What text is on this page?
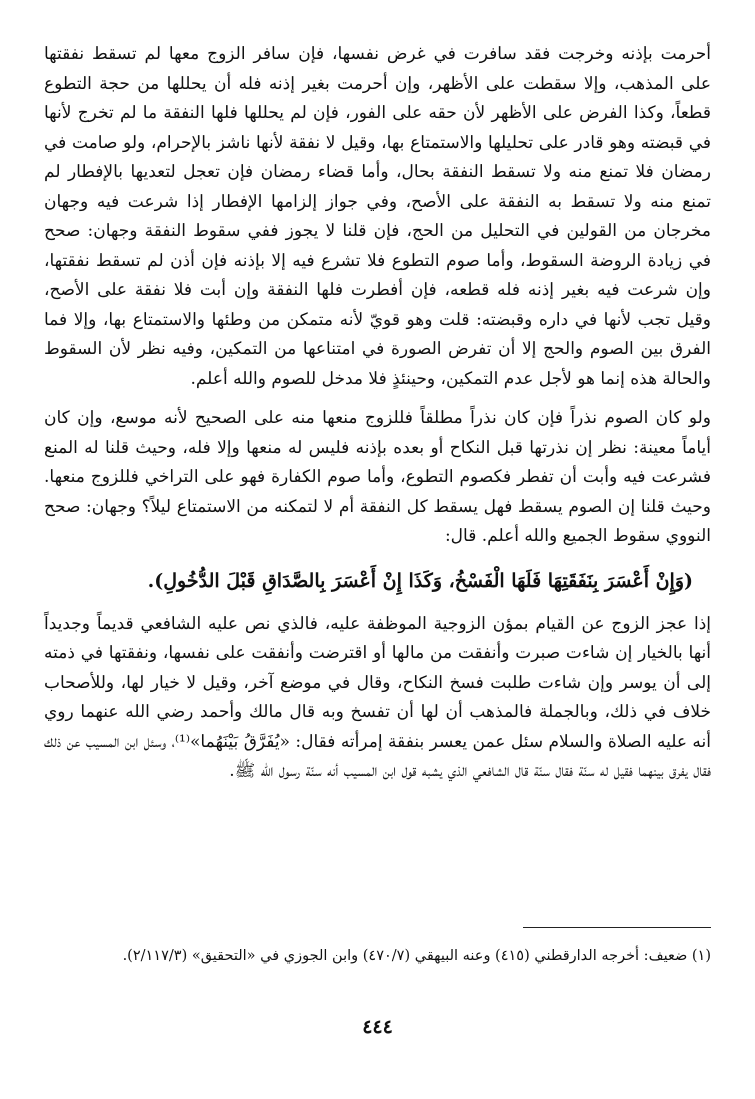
أحرمت بإذنه وخرجت فقد سافرت في غرض نفسها، فإن سافر الزوج معها لم تسقط نفقتها على المذهب، وإلا سقطت على الأظهر، وإن أحرمت بغير إذنه فله أن يحللها من حجة التطوع قطعاً، وكذا الفرض على الأظهر لأن حقه على الفور، فإن لم يحللها فلها النفقة ما لم تخرج لأنها في قبضته وهو قادر على تحليلها والاستمتاع بها، وقيل لا نفقة لأنها ناشز بالإحرام، ولو صامت في رمضان فلا تمنع منه ولا تسقط النفقة بحال، وأما قضاء رمضان فإن تعجل لتعديها بالإفطار لم تمنع منه ولا تسقط به النفقة على الأصح، وفي جواز إلزامها الإفطار إذا شرعت فيه وجهان مخرجان من القولين في التحليل من الحج، فإن قلنا لا يجوز ففي سقوط النفقة وجهان: صحح في زيادة الروضة السقوط، وأما صوم التطوع فلا تشرع فيه إلا بإذنه فإن أذن لم تسقط نفقتها، وإن شرعت فيه بغير إذنه فله قطعه، فإن أفطرت فلها النفقة وإن أبت فلا نفقة على الأصح، وقيل تجب لأنها في داره وقبضته: قلت وهو قويّ لأنه متمكن من وطئها والاستمتاع بها، وإلا فما الفرق بين الصوم والحج إلا أن تفرض الصورة في امتناعها من التمكين، وفيه نظر لأن السقوط والحالة هذه إنما هو لأجل عدم التمكين، وحينئذٍ فلا مدخل للصوم والله أعلم.

ولو كان الصوم نذراً فإن كان نذراً مطلقاً فللزوج منعها منه على الصحيح لأنه موسع، وإن كان أياماً معينة: نظر إن نذرتها قبل النكاح أو بعده بإذنه فليس له منعها وإلا فله، وحيث قلنا له المنع فشرعت فيه وأبت أن تفطر فكصوم التطوع، وأما صوم الكفارة فهو على التراخي فللزوج منعها. وحيث قلنا إن الصوم يسقط فهل يسقط كل النفقة أم لا لتمكنه من الاستمتاع ليلاً؟ وجهان: صحح النووي سقوط الجميع والله أعلم. قال:

(وَإِنْ أَعْسَرَ بِنَفَقَتِهَا فَلَهَا الْفَسْخُ، وَكَذَا إِنْ أَعْسَرَ بِالصَّدَاقِ قَبْلَ الدُّخُولِ).

إذا عجز الزوج عن القيام بمؤن الزوجية الموظفة عليه، فالذي نص عليه الشافعي قديماً وجديداً أنها بالخيار إن شاءت صبرت وأنفقت من مالها أو اقترضت وأنفقت على نفسها، ونفقتها في ذمته إلى أن يوسر وإن شاءت طلبت فسخ النكاح، وقال في موضع آخر، وقيل لا خيار لها، وللأصحاب خلاف في ذلك، وبالجملة فالمذهب أن لها أن تفسخ وبه قال مالك وأحمد رضي الله عنهما روي أنه عليه الصلاة والسلام سئل عمن يعسر بنفقة إمرأته فقال: «يُفَرَّقُ بَيْنَهُما»⁽¹⁾، وسئل ابن المسيب عن ذلك فقال يفرق بينهما فقيل له سنّة فقال سنّة قال الشافعي الذي يشبه قول ابن المسيب أنه سنّة رسول الله ﷺ.

(١) ضعيف: أخرجه الدارقطني (٤١٥) وعنه البيهقي (٤٧٠/٧) وابن الجوزي في «التحقيق» (٢/١١٧/٣).

٤٤٤
